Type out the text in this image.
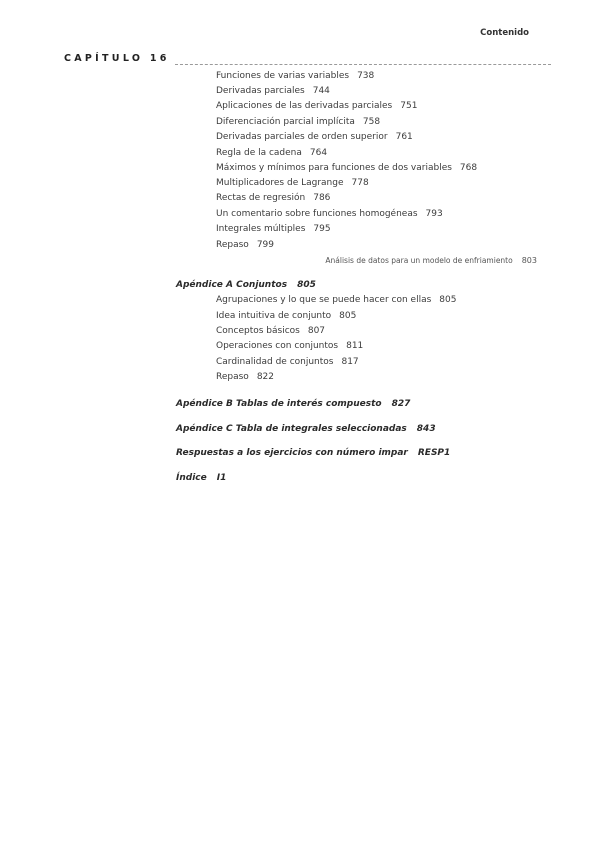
Contenido
CAPÍTULO 16
Funciones de varias variables 738
Derivadas parciales 744
Aplicaciones de las derivadas parciales 751
Diferenciación parcial implícita 758
Derivadas parciales de orden superior 761
Regla de la cadena 764
Máximos y mínimos para funciones de dos variables 768
Multiplicadores de Lagrange 778
Rectas de regresión 786
Un comentario sobre funciones homogéneas 793
Integrales múltiples 795
Repaso 799
Análisis de datos para un modelo de enfriamiento 803
Apéndice A Conjuntos 805
Agrupaciones y lo que se puede hacer con ellas 805
Idea intuitiva de conjunto 805
Conceptos básicos 807
Operaciones con conjuntos 811
Cardinalidad de conjuntos 817
Repaso 822
Apéndice B Tablas de interés compuesto 827
Apéndice C Tabla de integrales seleccionadas 843
Respuestas a los ejercicios con número impar RESP1
Índice I1
